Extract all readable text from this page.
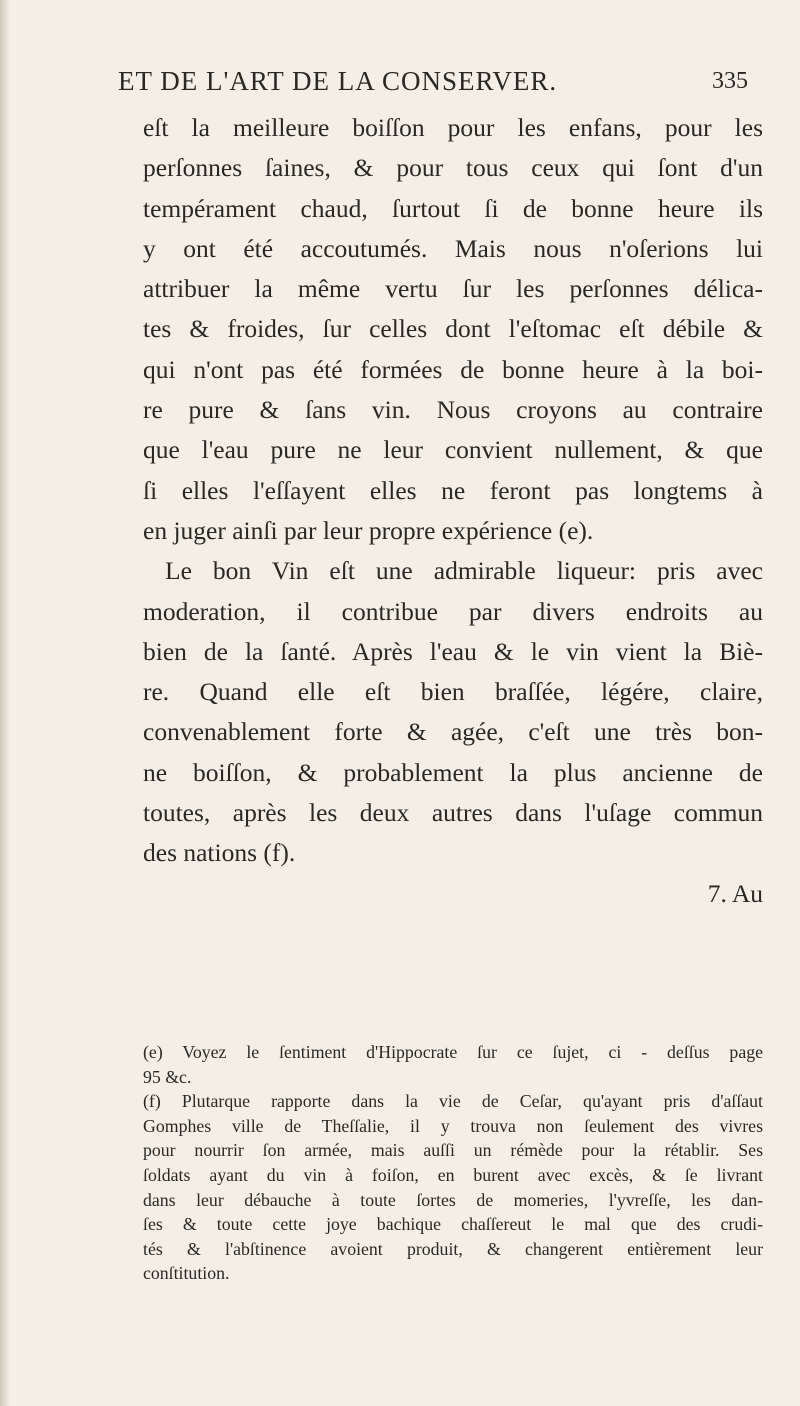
ET DE L'ART DE LA CONSERVER.	335
eſt la meilleure boiſſon pour les enfans, pour les
perſonnes ſaines, & pour tous ceux qui ſont d'un
tempérament chaud, ſurtout ſi de bonne heure ils
y ont été accoutumés. Mais nous n'oſerions lui
attribuer la même vertu ſur les perſonnes délica-
tes & froides, ſur celles dont l'eſtomac eſt débile &
qui n'ont pas été formées de bonne heure à la boi-
re pure & ſans vin. Nous croyons au contraire
que l'eau pure ne leur convient nullement, & que
ſi elles l'eſſayent elles ne feront pas longtems à
en juger ainſi par leur propre expérience (e).
Le bon Vin eſt une admirable liqueur: pris avec
moderation, il contribue par divers endroits au
bien de la ſanté. Après l'eau & le vin vient la Biè-
re. Quand elle eſt bien braſſée, légére, claire,
convenablement forte & agée, c'eſt une très bon-
ne boiſſon, & probablement la plus ancienne de
toutes, après les deux autres dans l'uſage commun
des nations (f).
7. Au
(e) Voyez le ſentiment d'Hippocrate ſur ce ſujet, ci - deſſus page
95 &c.
(f) Plutarque rapporte dans la vie de Ceſar, qu'ayant pris d'aſſaut
Gomphes ville de Theſſalie, il y trouva non ſeulement des vivres
pour nourrir ſon armée, mais auſſi un rémède pour la rétablir. Ses
ſoldats ayant du vin à foiſon, en burent avec excès, & ſe livrant
dans leur débauche à toute ſortes de momeries, l'yvreſſe, les dan-
ſes & toute cette joye bachique chaſſereut le mal que des crudi-
tés & l'abſtinence avoient produit, & changerent entièrement leur
conſtitution.
